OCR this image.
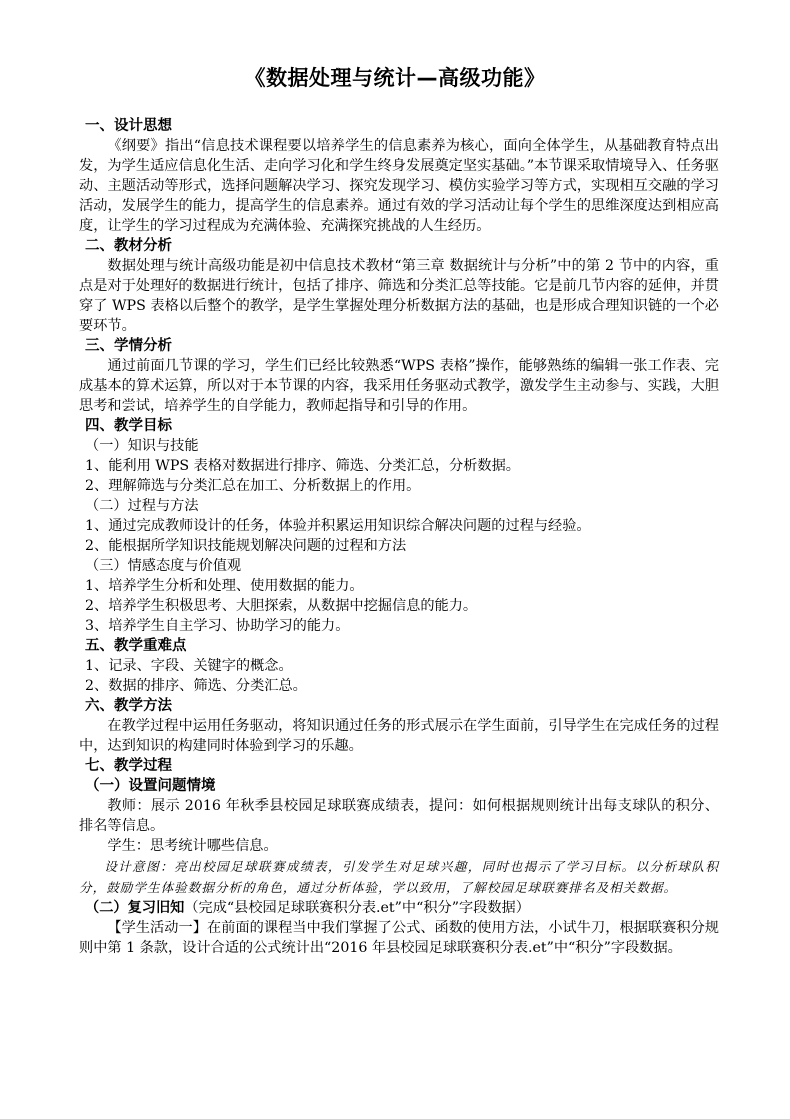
《数据处理与统计—高级功能》
一、设计思想
《纲要》指出“信息技术课程要以培养学生的信息素养为核心，面向全体学生，从基础教育特点出发，为学生适应信息化生活、走向学习化和学生终身发展奠定坚实基础。”本节课采取情境导入、任务驱动、主题活动等形式，选择问题解决学习、探究发现学习、模仿实验学习等方式，实现相互交融的学习活动，发展学生的能力，提高学生的信息素养。通过有效的学习活动让每个学生的思维深度达到相应高度，让学生的学习过程成为充满体验、充满探究挑战的人生经历。
二、教材分析
数据处理与统计高级功能是初中信息技术教材“第三章 数据统计与分析”中的第 2 节中的内容，重点是对于处理好的数据进行统计，包括了排序、筛选和分类汇总等技能。它是前几节内容的延伸，并贯穿了 WPS 表格以后整个的教学，是学生掌握处理分析数据方法的基础，也是形成合理知识链的一个必要环节。
三、学情分析
通过前面几节课的学习，学生们已经比较熟悉“WPS 表格”操作，能够熟练的编辑一张工作表、完成基本的算术运算，所以对于本节课的内容，我采用任务驱动式教学，激发学生主动参与、实践，大胆思考和尝试，培养学生的自学能力，教师起指导和引导的作用。
四、教学目标
（一）知识与技能
1、能利用 WPS 表格对数据进行排序、筛选、分类汇总，分析数据。
2、理解筛选与分类汇总在加工、分析数据上的作用。
（二）过程与方法
1、通过完成教师设计的任务，体验并积累运用知识综合解决问题的过程与经验。
2、能根据所学知识技能规划解决问题的过程和方法
（三）情感态度与价值观
1、培养学生分析和处理、使用数据的能力。
2、培养学生积极思考、大胆探索，从数据中挖掘信息的能力。
3、培养学生自主学习、协助学习的能力。
五、教学重难点
1、记录、字段、关键字的概念。
2、数据的排序、筛选、分类汇总。
六、教学方法
在教学过程中运用任务驱动，将知识通过任务的形式展示在学生面前，引导学生在完成任务的过程中，达到知识的构建同时体验到学习的乐趣。
七、教学过程
（一）设置问题情境
教师：展示 2016 年秋季县校园足球联赛成绩表，提问：如何根据规则统计出每支球队的积分、排名等信息。
学生：思考统计哪些信息。
设计意图：亮出校园足球联赛成绩表，引发学生对足球兴趣，同时也揭示了学习目标。以分析球队积分，鼓励学生体验数据分析的角色，通过分析体验，学以致用，了解校园足球联赛排名及相关数据。
（二）复习旧知（完成“县校园足球联赛积分表.et”中“积分”字段数据）
【学生活动一】在前面的课程当中我们掌握了公式、函数的使用方法，小试牛刀，根据联赛积分规则中第 1 条款，设计合适的公式统计出“2016 年县校园足球联赛积分表.et”中“积分”字段数据。
